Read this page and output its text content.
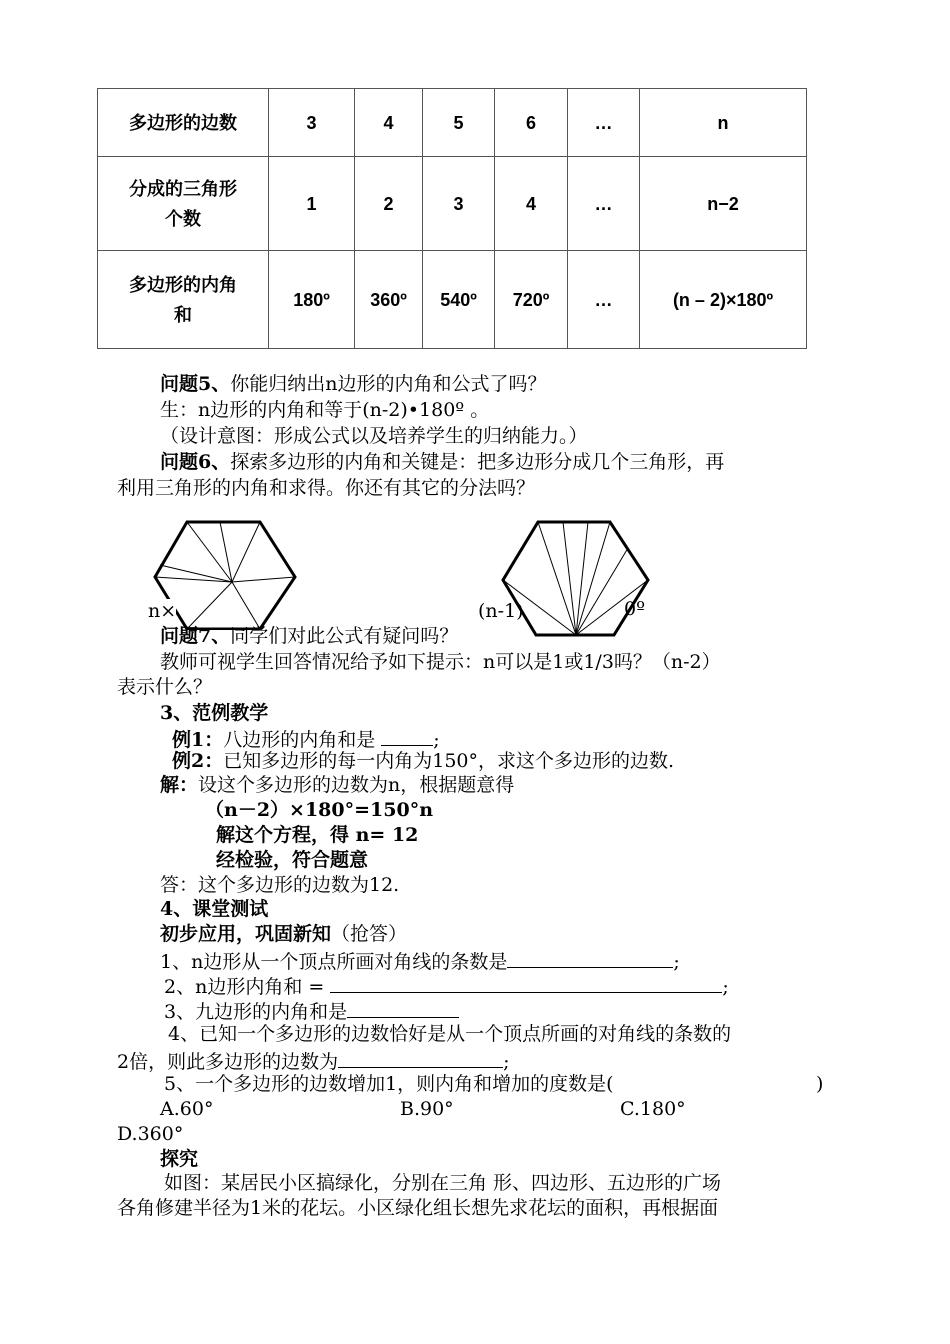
多边形的边数	3	4	5	6	…	n
分成的三角形个数	1	2	3	4	…	n−2
多边形的内角和	180º	360º	540º	720º	…	(n – 2)×180º
问题5、你能归纳出n边形的内角和公式了吗？
生：n边形的内角和等于(n-2)•180º 。
（设计意图：形成公式以及培养学生的归纳能力。）
问题6、探索多边形的内角和关键是：把多边形分成几个三角形，再
利用三角形的内角和求得。你还有其它的分法吗？
n×	(n-1)	0º
问题7、同学们对此公式有疑问吗？
教师可视学生回答情况给予如下提示：n可以是1或1/3吗？（n-2）
表示什么？
3、范例教学
例1：八边形的内角和是	;
例2：已知多边形的每一内角为150°，求这个多边形的边数.
解：设这个多边形的边数为n，根据题意得
（n－2）×180°=150°n
解这个方程，得 n= 12
经检验，符合题意
答：这个多边形的边数为12.
4、课堂测试
初步应用，巩固新知（抢答）
1、n边形从一个顶点所画对角线的条数是	;
2、n边形内角和 =	;
3、九边形的内角和是
4、已知一个多边形的边数恰好是从一个顶点所画的对角线的条数的
2倍，则此多边形的边数为	;
5、一个多边形的边数增加1，则内角和增加的度数是(	)
A.60°	B.90°	C.180°
D.360°
探究
如图：某居民小区搞绿化，分别在三角 形、四边形、五边形的广场
各角修建半径为1米的花坛。小区绿化组长想先求花坛的面积，再根据面
